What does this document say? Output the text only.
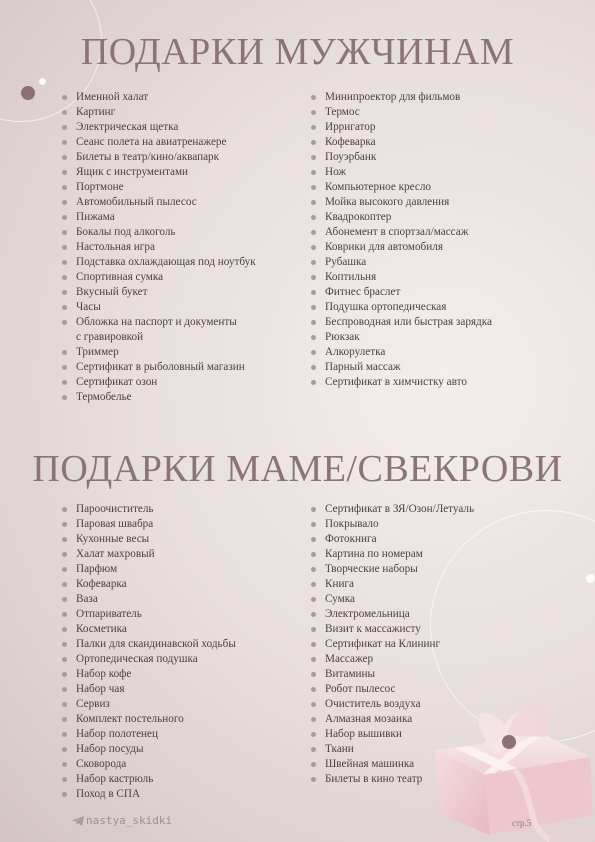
ПОДАРКИ МУЖЧИНАМ
Именной халат
Картинг
Электрическая щетка
Сеанс полета на авиатренажере
Билеты в театр/кино/аквапарк
Ящик с инструментами
Портмоне
Автомобильный пылесос
Пижама
Бокалы под алкоголь
Настольная игра
Подставка охлаждающая под ноутбук
Спортивная сумка
Вкусный букет
Часы
Обложка на паспорт и документы
с гравировкой
Триммер
Сертификат в рыболовный магазин
Сертификат озон
Термобелье
Минипроектор для фильмов
Термос
Ирригатор
Кофеварка
Поуэрбанк
Нож
Компьютерное кресло
Мойка высокого давления
Квадрокоптер
Абонемент в спортзал/массаж
Коврики для автомобиля
Рубашка
Коптильня
Фитнес браслет
Подушка ортопедическая
Беспроводная или быстрая зарядка
Рюкзак
Алкорулетка
Парный массаж
Сертификат в химчистку авто
ПОДАРКИ МАМЕ/СВЕКРОВИ
Пароочиститель
Паровая швабра
Кухонные весы
Халат махровый
Парфюм
Кофеварка
Ваза
Отпариватель
Косметика
Палки для скандинавской ходьбы
Ортопедическая подушка
Набор кофе
Набор чая
Сервиз
Комплект постельного
Набор полотенец
Набор посуды
Сковорода
Набор кастрюль
Поход в СПА
Сертификат в ЗЯ/Озон/Летуаль
Покрывало
Фотокнига
Картина по номерам
Творческие наборы
Книга
Сумка
Электромельница
Визит к массажисту
Сертификат на Клининг
Массажер
Витамины
Робот пылесос
Очиститель воздуха
Алмазная мозаика
Набор вышивки
Ткани
Швейная машинка
Билеты в кино театр
nastya_skidki	стр.5
